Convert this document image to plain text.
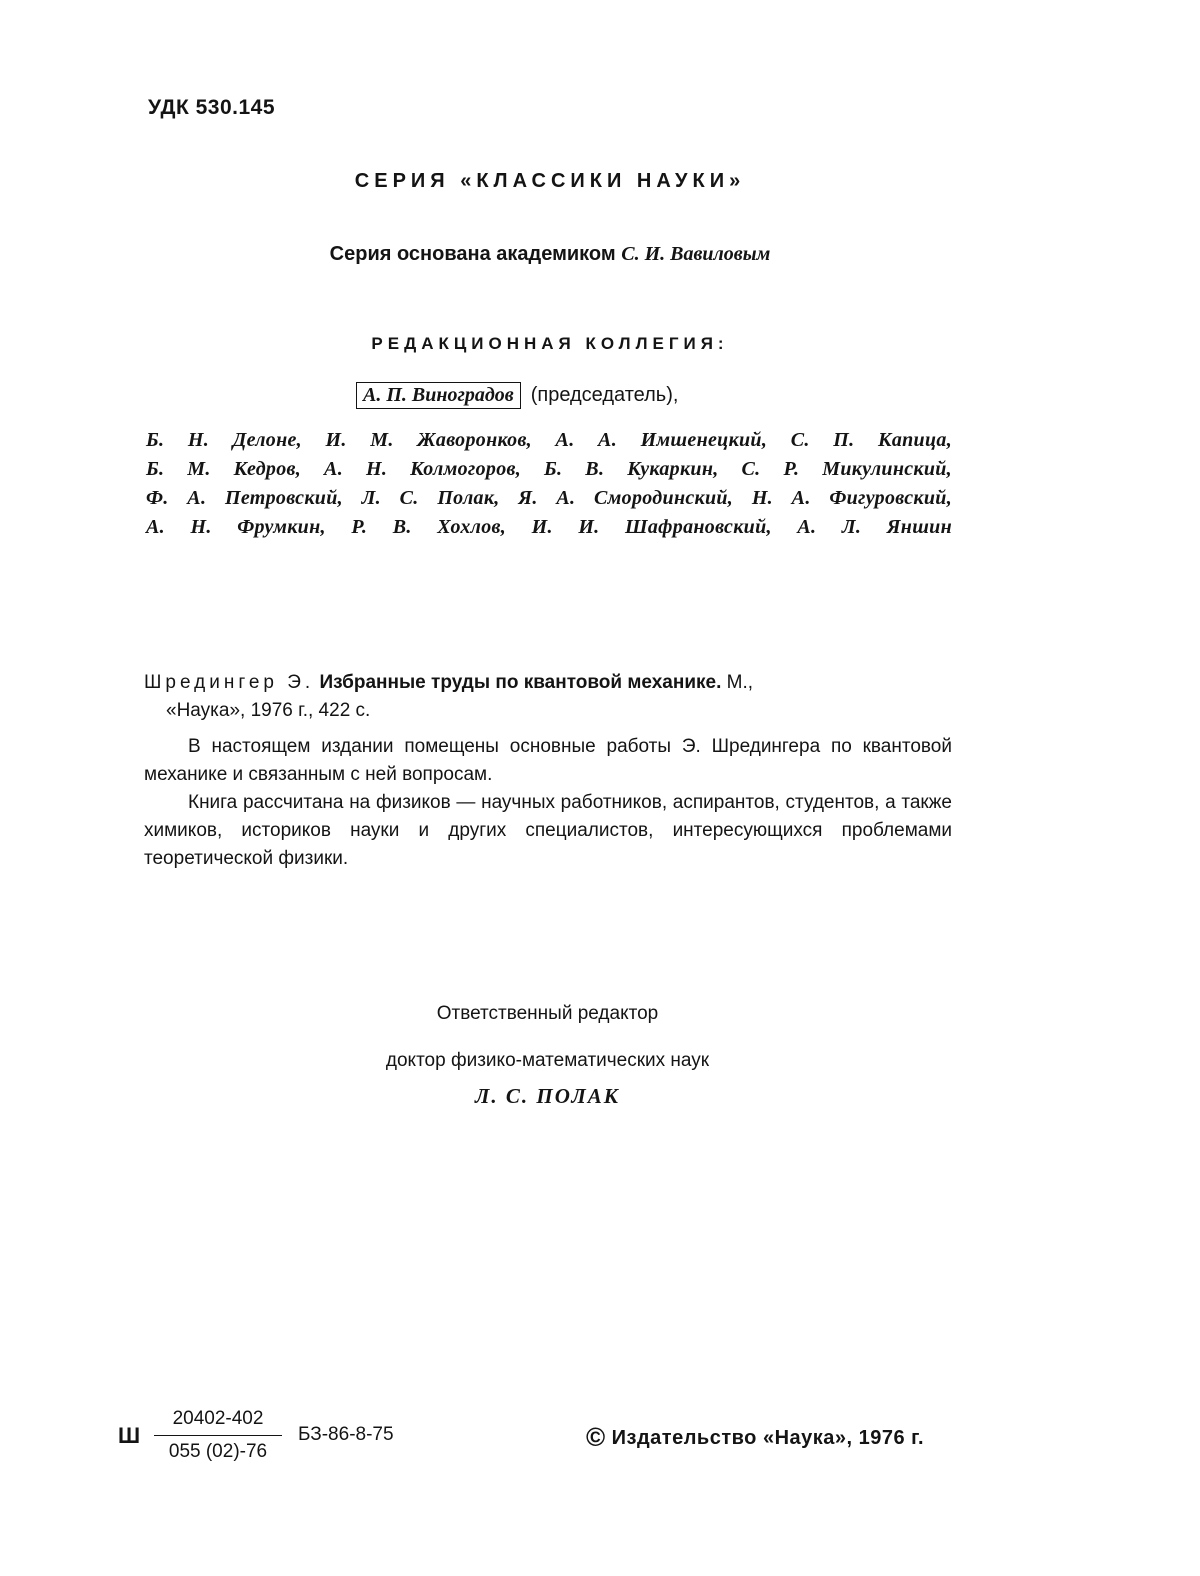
УДК 530.145
СЕРИЯ «КЛАССИКИ НАУКИ»
Серия основана академиком С. И. Вавиловым
РЕДАКЦИОННАЯ КОЛЛЕГИЯ:
А. П. Виноградов (председатель),
Б. Н. Делоне, И. М. Жаворонков, А. А. Имшенецкий, С. П. Капица,
Б. М. Кедров, А. Н. Колмогоров, Б. В. Кукаркин, С. Р. Микулинский,
Ф. А. Петровский, Л. С. Полак, Я. А. Смородинский, Н. А. Фигуровский,
А. Н. Фрумкин, Р. В. Хохлов, И. И. Шафрановский, А. Л. Яншин

Шредингер Э. Избранные труды по квантовой механике. М.,

«Наука», 1976 г., 422 с.

В настоящем издании помещены основные работы Э. Шредингера по квантовой механике и связанным с ней вопросам.

Книга рассчитана на физиков — научных работников, аспирантов, студентов, а также химиков, историков науки и других специалистов, интересующихся проблемами теоретической физики.

Ответственный редактор
доктор физико-математических наук
Л. С. ПОЛАК
Ш
20402-402
055 (02)-76
БЗ-86-8-75	© Издательство «Наука», 1976 г.
